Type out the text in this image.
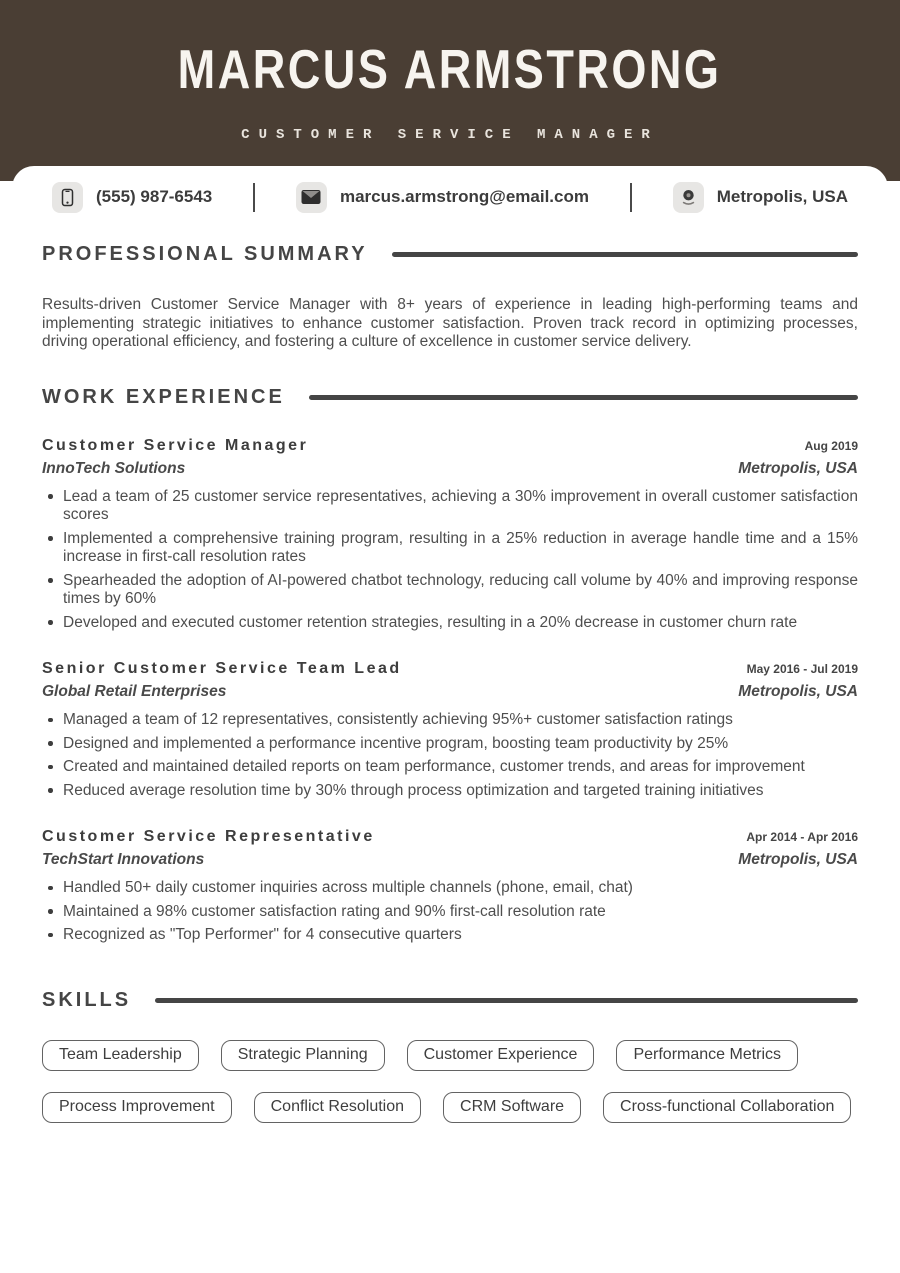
MARCUS ARMSTRONG
CUSTOMER SERVICE MANAGER
(555) 987-6543	marcus.armstrong@email.com	Metropolis, USA
PROFESSIONAL SUMMARY

Results-driven Customer Service Manager with 8+ years of experience in leading high-performing teams and implementing strategic initiatives to enhance customer satisfaction. Proven track record in optimizing processes, driving operational efficiency, and fostering a culture of excellence in customer service delivery.

WORK EXPERIENCE
Customer Service Manager	Aug 2019
InnoTech Solutions	Metropolis, USA
Lead a team of 25 customer service representatives, achieving a 30% improvement in overall customer satisfaction scores
Implemented a comprehensive training program, resulting in a 25% reduction in average handle time and a 15% increase in first-call resolution rates
Spearheaded the adoption of AI-powered chatbot technology, reducing call volume by 40% and improving response times by 60%
Developed and executed customer retention strategies, resulting in a 20% decrease in customer churn rate
Senior Customer Service Team Lead	May 2016 - Jul 2019
Global Retail Enterprises	Metropolis, USA
Managed a team of 12 representatives, consistently achieving 95%+ customer satisfaction ratings
Designed and implemented a performance incentive program, boosting team productivity by 25%
Created and maintained detailed reports on team performance, customer trends, and areas for improvement
Reduced average resolution time by 30% through process optimization and targeted training initiatives
Customer Service Representative	Apr 2014 - Apr 2016
TechStart Innovations	Metropolis, USA
Handled 50+ daily customer inquiries across multiple channels (phone, email, chat)
Maintained a 98% customer satisfaction rating and 90% first-call resolution rate
Recognized as "Top Performer" for 4 consecutive quarters
SKILLS
Team Leadership	Strategic Planning	Customer Experience	Performance Metrics
Process Improvement	Conflict Resolution	CRM Software	Cross-functional Collaboration
